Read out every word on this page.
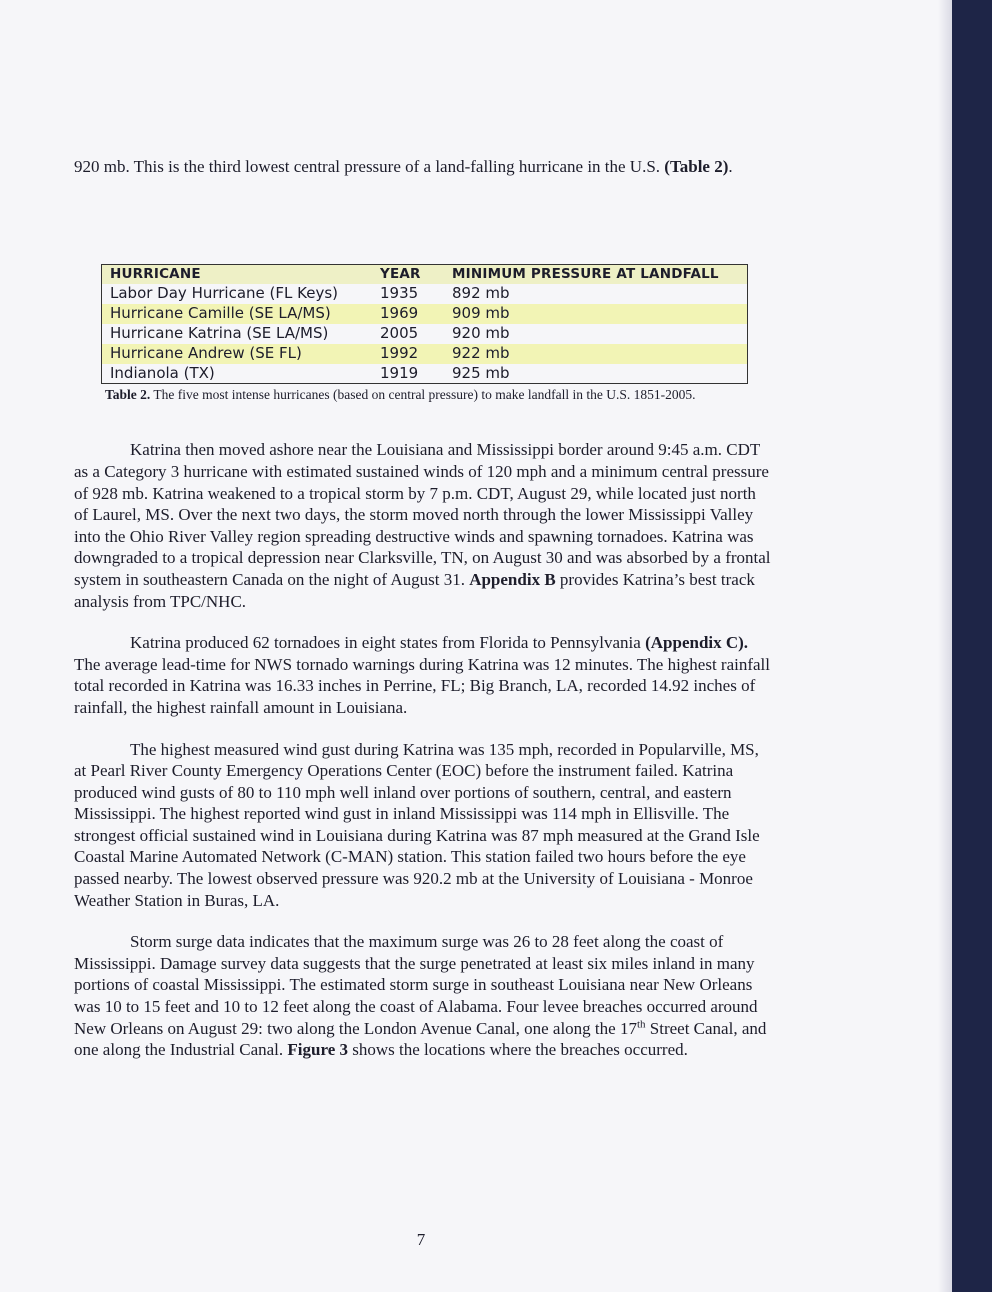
920 mb. This is the third lowest central pressure of a land-falling hurricane in the U.S. (Table 2).

HURRICANE	YEAR	MINIMUM PRESSURE AT LANDFALL
Labor Day Hurricane (FL Keys)	1935	892 mb
Hurricane Camille (SE LA/MS)	1969	909 mb
Hurricane Katrina (SE LA/MS)	2005	920 mb
Hurricane Andrew (SE FL)	1992	922 mb
Indianola (TX)	1919	925 mb

Table 2. The five most intense hurricanes (based on central pressure) to make landfall in the U.S. 1851-2005.

Katrina then moved ashore near the Louisiana and Mississippi border around 9:45 a.m. CDT as a Category 3 hurricane with estimated sustained winds of 120 mph and a minimum central pressure of 928 mb. Katrina weakened to a tropical storm by 7 p.m. CDT, August 29, while located just north of Laurel, MS. Over the next two days, the storm moved north through the lower Mississippi Valley into the Ohio River Valley region spreading destructive winds and spawning tornadoes. Katrina was downgraded to a tropical depression near Clarksville, TN, on August 30 and was absorbed by a frontal system in southeastern Canada on the night of August 31. Appendix B provides Katrina’s best track analysis from TPC/NHC.

Katrina produced 62 tornadoes in eight states from Florida to Pennsylvania (Appendix C). The average lead-time for NWS tornado warnings during Katrina was 12 minutes. The highest rainfall total recorded in Katrina was 16.33 inches in Perrine, FL; Big Branch, LA, recorded 14.92 inches of rainfall, the highest rainfall amount in Louisiana.

The highest measured wind gust during Katrina was 135 mph, recorded in Popularville, MS, at Pearl River County Emergency Operations Center (EOC) before the instrument failed. Katrina produced wind gusts of 80 to 110 mph well inland over portions of southern, central, and eastern Mississippi. The highest reported wind gust in inland Mississippi was 114 mph in Ellisville. The strongest official sustained wind in Louisiana during Katrina was 87 mph measured at the Grand Isle Coastal Marine Automated Network (C-MAN) station. This station failed two hours before the eye passed nearby. The lowest observed pressure was 920.2 mb at the University of Louisiana - Monroe Weather Station in Buras, LA.

Storm surge data indicates that the maximum surge was 26 to 28 feet along the coast of Mississippi. Damage survey data suggests that the surge penetrated at least six miles inland in many portions of coastal Mississippi. The estimated storm surge in southeast Louisiana near New Orleans was 10 to 15 feet and 10 to 12 feet along the coast of Alabama. Four levee breaches occurred around New Orleans on August 29: two along the London Avenue Canal, one along the 17th Street Canal, and one along the Industrial Canal. Figure 3 shows the locations where the breaches occurred.

7
